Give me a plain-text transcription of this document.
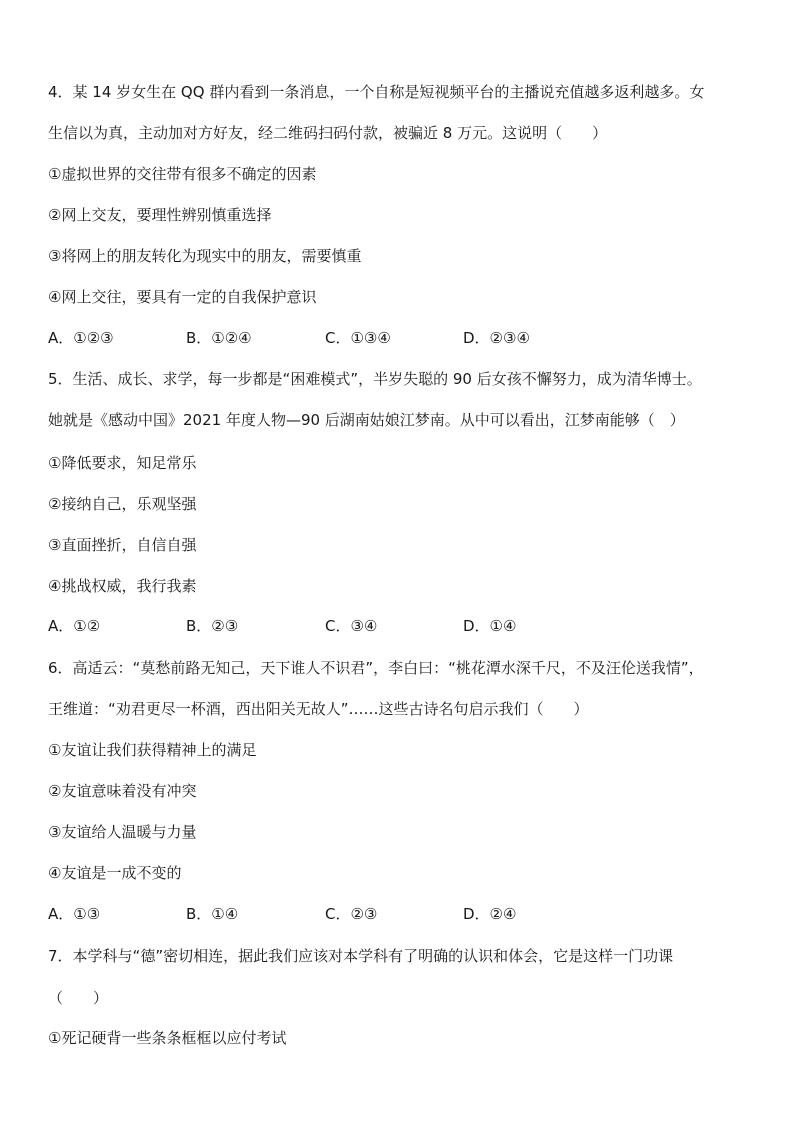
4．某 14 岁女生在 QQ 群内看到一条消息，一个自称是短视频平台的主播说充值越多返利越多。女
生信以为真，主动加对方好友，经二维码扫码付款，被骗近 8 万元。这说明（　　）
①虚拟世界的交往带有很多不确定的因素
②网上交友，要理性辨别慎重选择
③将网上的朋友转化为现实中的朋友，需要慎重
④网上交往，要具有一定的自我保护意识
A．①②③	B．①②④	C．①③④	D．②③④
5．生活、成长、求学，每一步都是“困难模式”，半岁失聪的 90 后女孩不懈努力，成为清华博士。
她就是《感动中国》2021 年度人物—90 后湖南姑娘江梦南。从中可以看出，江梦南能够（　）
①降低要求，知足常乐
②接纳自己，乐观坚强
③直面挫折，自信自强
④挑战权威，我行我素
A．①②	B．②③	C．③④	D．①④
6．高适云：“莫愁前路无知己，天下谁人不识君”，李白曰：“桃花潭水深千尺，不及汪伦送我情”，
王维道：“劝君更尽一杯酒，西出阳关无故人”……这些古诗名句启示我们（　　）
①友谊让我们获得精神上的满足
②友谊意味着没有冲突
③友谊给人温暖与力量
④友谊是一成不变的
A．①③	B．①④	C．②③	D．②④
7．本学科与“德”密切相连，据此我们应该对本学科有了明确的认识和体会，它是这样一门功课
（　　）
①死记硬背一些条条框框以应付考试
